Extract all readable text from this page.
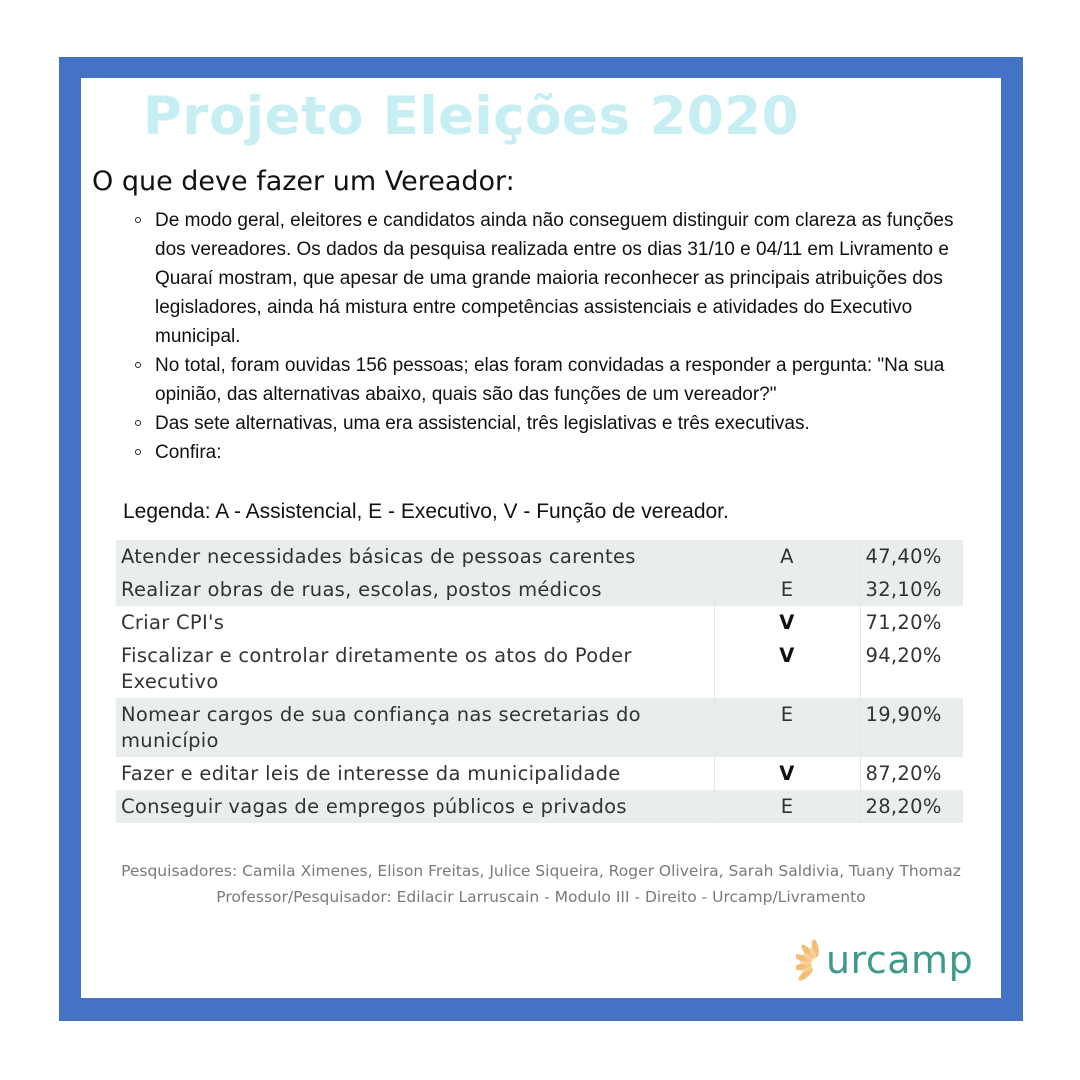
Projeto Eleições 2020
O que deve fazer um Vereador:
De modo geral, eleitores e candidatos ainda não conseguem distinguir com clareza as funções dos vereadores. Os dados da pesquisa realizada entre os dias 31/10 e 04/11 em Livramento e Quaraí mostram, que apesar de uma grande maioria reconhecer as principais atribuições dos legisladores, ainda há mistura entre competências assistenciais e atividades do Executivo municipal.
No total, foram ouvidas 156 pessoas; elas foram convidadas a responder a pergunta: "Na sua opinião, das alternativas abaixo, quais são das funções de um vereador?"
Das sete alternativas, uma era assistencial, três legislativas e três executivas.
Confira:

Legenda: A - Assistencial, E - Executivo, V - Função de vereador.

Atender necessidades básicas de pessoas carentes	A	47,40%
Realizar obras de ruas, escolas, postos médicos	E	32,10%
Criar CPI's	V	71,20%
Fiscalizar e controlar diretamente os atos do Poder Executivo	V	94,20%
Nomear cargos de sua confiança nas secretarias do município	E	19,90%
Fazer e editar leis de interesse da municipalidade	V	87,20%
Conseguir vagas de empregos públicos e privados	E	28,20%
Pesquisadores: Camila Ximenes, Elison Freitas, Julice Siqueira, Roger Oliveira, Sarah Saldivia, Tuany Thomaz
Professor/Pesquisador: Edilacir Larruscain - Modulo III - Direito - Urcamp/Livramento
urcamp
